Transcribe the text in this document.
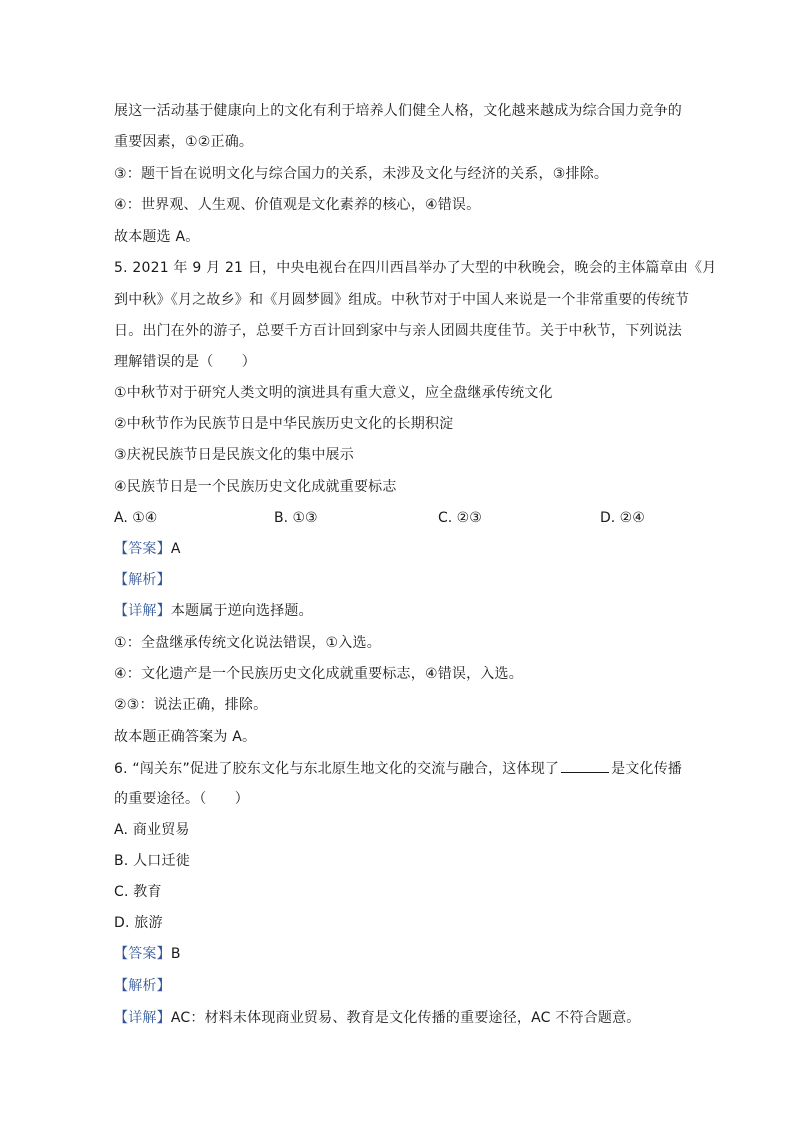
展这一活动基于健康向上的文化有利于培养人们健全人格，文化越来越成为综合国力竞争的
重要因素，①②正确。
③：题干旨在说明文化与综合国力的关系，未涉及文化与经济的关系，③排除。
④：世界观、人生观、价值观是文化素养的核心，④错误。
故本题选 A。
5. 2021 年 9 月 21 日，中央电视台在四川西昌举办了大型的中秋晚会，晚会的主体篇章由《月
到中秋》《月之故乡》和《月圆梦圆》组成。中秋节对于中国人来说是一个非常重要的传统节
日。出门在外的游子，总要千方百计回到家中与亲人团圆共度佳节。关于中秋节，下列说法
理解错误的是（　　）
①中秋节对于研究人类文明的演进具有重大意义，应全盘继承传统文化
②中秋节作为民族节日是中华民族历史文化的长期积淀
③庆祝民族节日是民族文化的集中展示
④民族节日是一个民族历史文化成就重要标志
A. ①④	B. ①③	C. ②③	D. ②④
【答案】A
【解析】
【详解】本题属于逆向选择题。
①：全盘继承传统文化说法错误，①入选。
④：文化遗产是一个民族历史文化成就重要标志，④错误，入选。
②③：说法正确，排除。
故本题正确答案为 A。
6. “闯关东”促进了胶东文化与东北原生地文化的交流与融合，这体现了	是文化传播
的重要途径。（　　）
A. 商业贸易
B. 人口迁徙
C. 教育
D. 旅游
【答案】B
【解析】
【详解】AC：材料未体现商业贸易、教育是文化传播的重要途径，AC 不符合题意。
